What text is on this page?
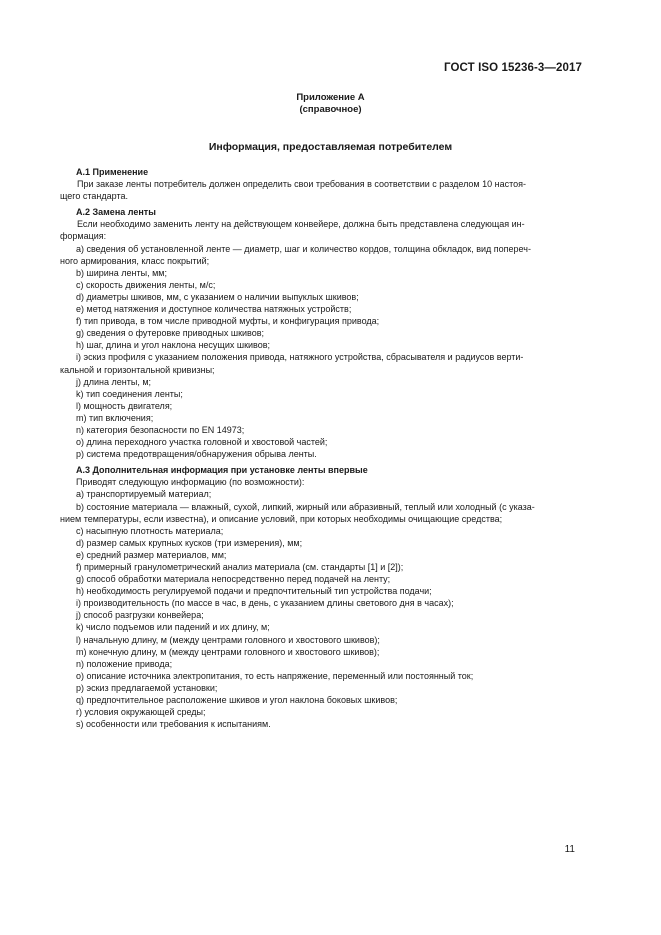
ГОСТ ISO 15236-3—2017
Приложение А
(справочное)
Информация, предоставляемая потребителем
А.1 Применение
При заказе ленты потребитель должен определить свои требования в соответствии с разделом 10 настоя-
щего стандарта.
А.2 Замена ленты
Если необходимо заменить ленту на действующем конвейере, должна быть представлена следующая ин-
формация:
а) сведения об установленной ленте — диаметр, шаг и количество кордов, толщина обкладок, вид попереч-
ного армирования, класс покрытий;
b) ширина ленты, мм;
с) скорость движения ленты, м/с;
d) диаметры шкивов, мм, с указанием о наличии выпуклых шкивов;
е) метод натяжения и доступное количества натяжных устройств;
f) тип привода, в том числе приводной муфты, и конфигурация привода;
g) сведения о футеровке приводных шкивов;
h) шаг, длина и угол наклона несущих шкивов;
i) эскиз профиля с указанием положения привода, натяжного устройства, сбрасывателя и радиусов верти-
кальной и горизонтальной кривизны;
j) длина ленты, м;
k) тип соединения ленты;
l) мощность двигателя;
m) тип включения;
n) категория безопасности по EN 14973;
о) длина переходного участка головной и хвостовой частей;
р) система предотвращения/обнаружения обрыва ленты.
А.3 Дополнительная информация при установке ленты впервые
Приводят следующую информацию (по возможности):
а) транспортируемый материал;
b) состояние материала — влажный, сухой, липкий, жирный или абразивный, теплый или холодный (с указа-
нием температуры, если известна), и описание условий, при которых необходимы очищающие средства;
с) насыпную плотность материала;
d) размер самых крупных кусков (три измерения), мм;
е) средний размер материалов, мм;
f) примерный гранулометрический анализ материала (см. стандарты [1] и [2]);
g) способ обработки материала непосредственно перед подачей на ленту;
h) необходимость регулируемой подачи и предпочтительный тип устройства подачи;
i) производительность (по массе в час, в день, с указанием длины светового дня в часах);
j) способ разгрузки конвейера;
k) число подъемов или падений и их длину, м;
l) начальную длину, м (между центрами головного и хвостового шкивов);
m) конечную длину, м (между центрами головного и хвостового шкивов);
n) положение привода;
о) описание источника электропитания, то есть напряжение, переменный или постоянный ток;
р) эскиз предлагаемой установки;
q) предпочтительное расположение шкивов и угол наклона боковых шкивов;
r) условия окружающей среды;
s) особенности или требования к испытаниям.
11
